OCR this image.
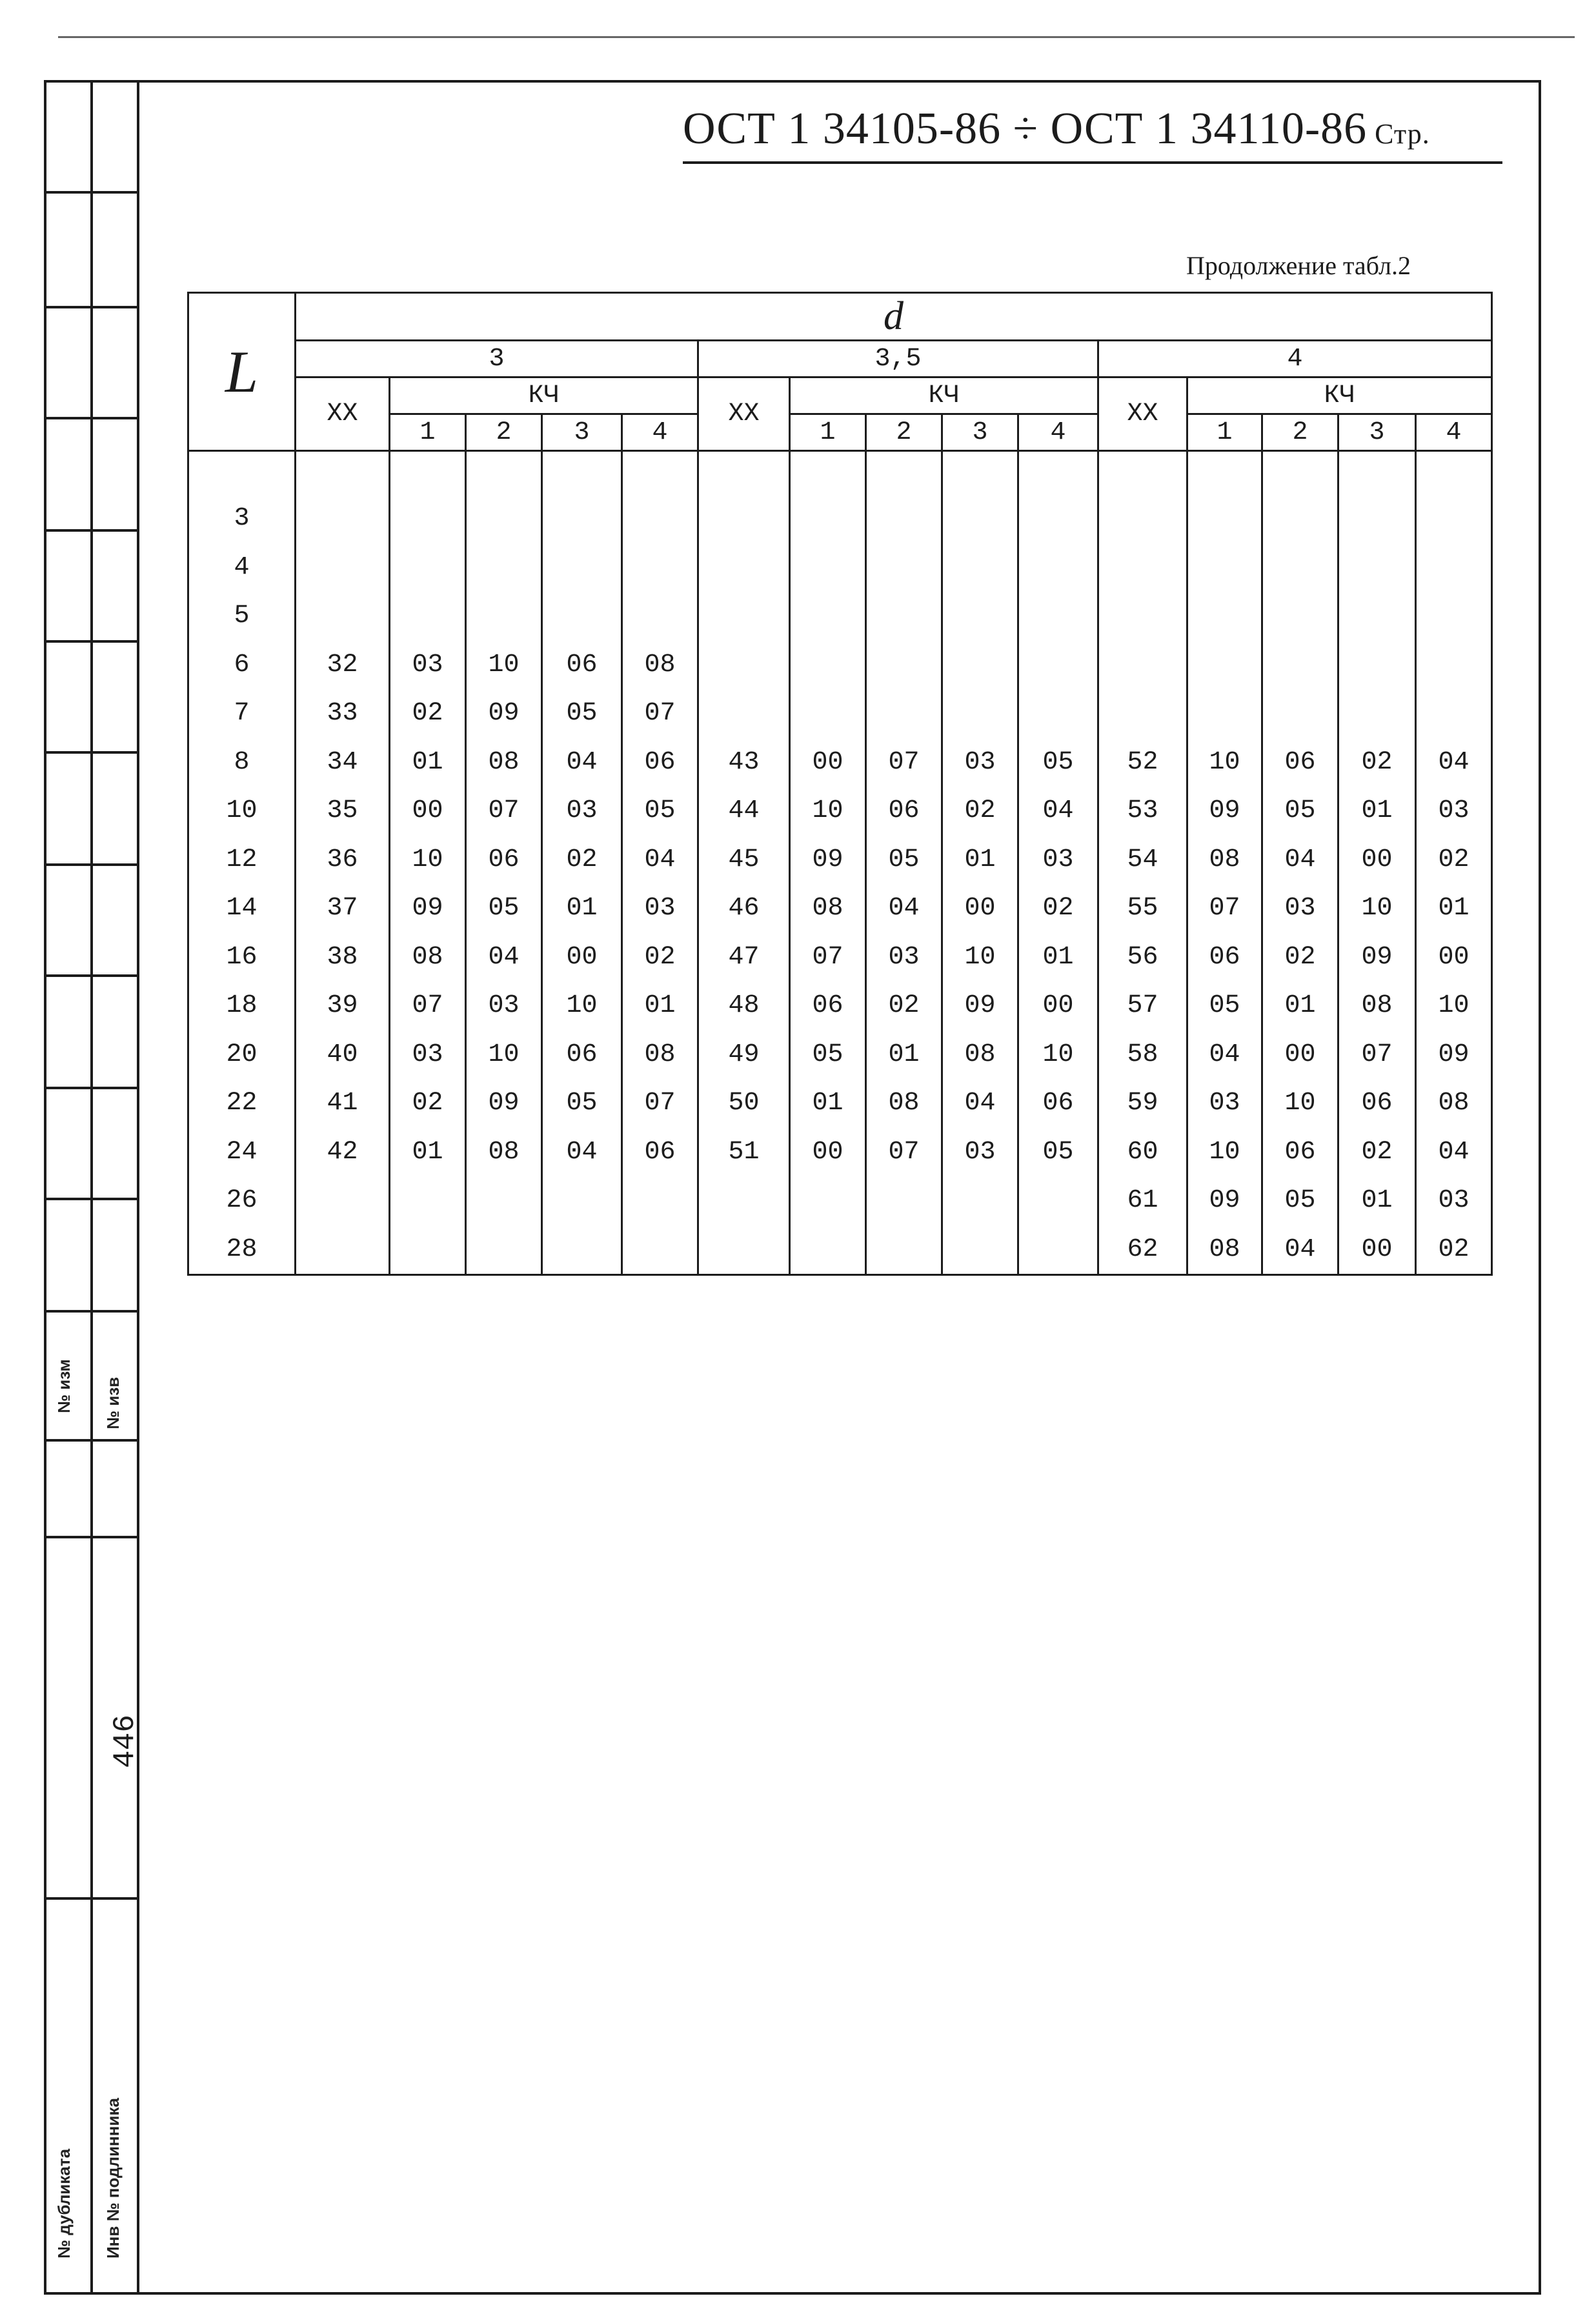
№ изм № изв
№ дубликата Инв № подлинника
446
ОСТ 1 34105-86 ÷ ОСТ 1 34110-86 Стр.
Продолжение табл.2
L	d														
	3					3,5					4				
	ХХ	КЧ				ХХ	КЧ				ХХ	КЧ			
		1	2	3	4		1	2	3	4		1	2	3	4

3															
4															
5															
6	32	03	10	06	08										
7	33	02	09	05	07										
8	34	01	08	04	06	43	00	07	03	05	52	10	06	02	04
10	35	00	07	03	05	44	10	06	02	04	53	09	05	01	03
12	36	10	06	02	04	45	09	05	01	03	54	08	04	00	02
14	37	09	05	01	03	46	08	04	00	02	55	07	03	10	01
16	38	08	04	00	02	47	07	03	10	01	56	06	02	09	00
18	39	07	03	10	01	48	06	02	09	00	57	05	01	08	10
20	40	03	10	06	08	49	05	01	08	10	58	04	00	07	09
22	41	02	09	05	07	50	01	08	04	06	59	03	10	06	08
24	42	01	08	04	06	51	00	07	03	05	60	10	06	02	04
26											61	09	05	01	03
28											62	08	04	00	02
